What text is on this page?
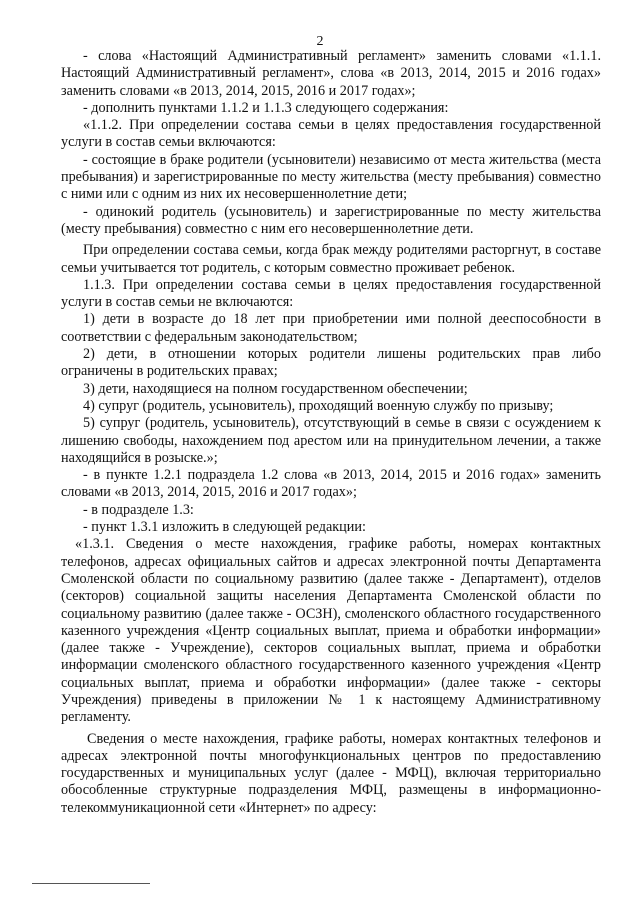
2

- слова «Настоящий Административный регламент» заменить словами «1.1.1. Настоящий Административный регламент», слова «в 2013, 2014, 2015 и 2016 годах» заменить словами «в 2013, 2014, 2015, 2016 и 2017 годах»;

- дополнить пунктами 1.1.2 и 1.1.3 следующего содержания:

«1.1.2. При определении состава семьи в целях предоставления государственной услуги в состав семьи включаются:

- состоящие в браке родители (усыновители) независимо от места жительства (места пребывания) и зарегистрированные по месту жительства (месту пребывания) совместно с ними или с одним из них их несовершеннолетние дети;

- одинокий родитель (усыновитель) и зарегистрированные по месту жительства (месту пребывания) совместно с ним его несовершеннолетние дети.

При определении состава семьи, когда брак между родителями расторгнут, в составе семьи учитывается тот родитель, с которым совместно проживает ребенок.

1.1.3. При определении состава семьи в целях предоставления государственной услуги в состав семьи не включаются:

1) дети в возрасте до 18 лет при приобретении ими полной дееспособности в соответствии с федеральным законодательством;

2) дети, в отношении которых родители лишены родительских прав либо ограничены в родительских правах;

3) дети, находящиеся на полном государственном обеспечении;

4) супруг (родитель, усыновитель), проходящий военную службу по призыву;

5) супруг (родитель, усыновитель), отсутствующий в семье в связи с осуждением к лишению свободы, нахождением под арестом или на принудительном лечении, а также находящийся в розыске.»;

- в пункте 1.2.1 подраздела 1.2 слова «в 2013, 2014, 2015 и 2016 годах» заменить словами «в 2013, 2014, 2015, 2016 и 2017 годах»;

- в подразделе 1.3:

- пункт 1.3.1 изложить в следующей редакции:

«1.3.1. Сведения о месте нахождения, графике работы, номерах контактных телефонов, адресах официальных сайтов и адресах электронной почты Департамента Смоленской области по социальному развитию (далее также - Департамент), отделов (секторов) социальной защиты населения Департамента Смоленской области по социальному развитию (далее также - ОСЗН), смоленского областного государственного казенного учреждения «Центр социальных выплат, приема и обработки информации» (далее также - Учреждение), секторов социальных выплат, приема и обработки информации смоленского областного государственного казенного учреждения «Центр социальных выплат, приема и обработки информации» (далее также - секторы Учреждения) приведены в приложении № 1 к настоящему Административному регламенту.

Сведения о месте нахождения, графике работы, номерах контактных телефонов и адресах электронной почты многофункциональных центров по предоставлению государственных и муниципальных услуг (далее - МФЦ), включая территориально обособленные структурные подразделения МФЦ, размещены в информационно-телекоммуникационной сети «Интернет» по адресу:
